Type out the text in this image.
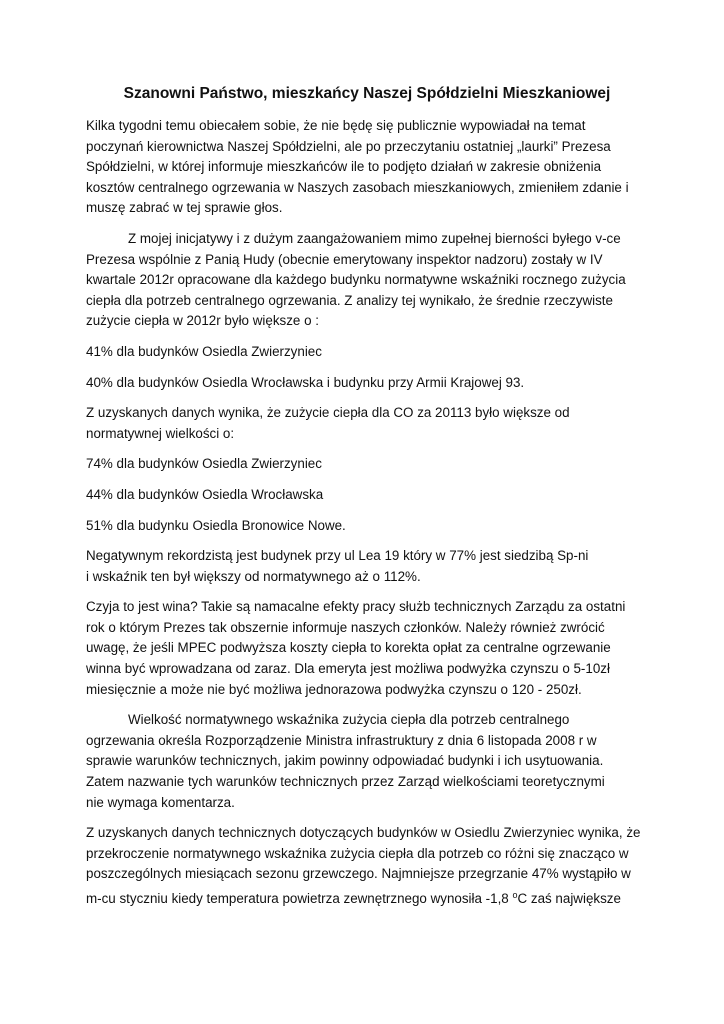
Szanowni Państwo, mieszkańcy Naszej Spółdzielni Mieszkaniowej
Kilka tygodni temu obiecałem sobie, że nie będę się publicznie wypowiadał na temat
poczynań kierownictwa Naszej Spółdzielni, ale po przeczytaniu ostatniej „laurki” Prezesa
Spółdzielni, w której informuje mieszkańców ile to podjęto działań w zakresie obniżenia
kosztów centralnego ogrzewania w Naszych zasobach mieszkaniowych, zmieniłem zdanie i
muszę zabrać w tej sprawie głos.
Z mojej inicjatywy i z dużym zaangażowaniem mimo zupełnej bierności byłego v-ce
Prezesa wspólnie z Panią Hudy (obecnie emerytowany inspektor nadzoru) zostały w IV
kwartale 2012r opracowane dla każdego budynku normatywne wskaźniki rocznego zużycia
ciepła dla potrzeb centralnego ogrzewania. Z analizy tej wynikało, że średnie rzeczywiste
zużycie ciepła w 2012r było większe o :
41% dla budynków Osiedla Zwierzyniec
40% dla budynków Osiedla Wrocławska i budynku przy Armii Krajowej 93.
Z uzyskanych danych wynika, że zużycie ciepła dla CO za 20113 było większe od
normatywnej wielkości o:
74% dla budynków Osiedla Zwierzyniec
44% dla budynków Osiedla Wrocławska
51% dla budynku Osiedla Bronowice Nowe.
Negatywnym rekordzistą jest budynek przy ul Lea 19 który w 77% jest siedzibą Sp-ni
i wskaźnik ten był większy od normatywnego aż o 112%.
Czyja to jest wina? Takie są namacalne efekty pracy służb technicznych Zarządu za ostatni
rok o którym Prezes tak obszernie informuje naszych członków. Należy również zwrócić
uwagę, że jeśli MPEC podwyższa koszty ciepła to korekta opłat za centralne ogrzewanie
winna być wprowadzana od zaraz. Dla emeryta jest możliwa podwyżka czynszu o 5-10zł
miesięcznie a może nie być możliwa jednorazowa podwyżka czynszu o 120 - 250zł.
Wielkość normatywnego wskaźnika zużycia ciepła dla potrzeb centralnego
ogrzewania określa Rozporządzenie Ministra infrastruktury z dnia 6 listopada 2008 r w
sprawie warunków technicznych, jakim powinny odpowiadać budynki i ich usytuowania.
Zatem nazwanie tych warunków technicznych przez Zarząd wielkościami teoretycznymi
nie wymaga komentarza.
Z uzyskanych danych technicznych dotyczących budynków w Osiedlu Zwierzyniec wynika, że
przekroczenie normatywnego wskaźnika zużycia ciepła dla potrzeb co różni się znacząco w
poszczególnych miesiącach sezonu grzewczego. Najmniejsze przegrzanie 47% wystąpiło w
m-cu styczniu kiedy temperatura powietrza zewnętrznego wynosiła -1,8 $^o$C zaś największe
